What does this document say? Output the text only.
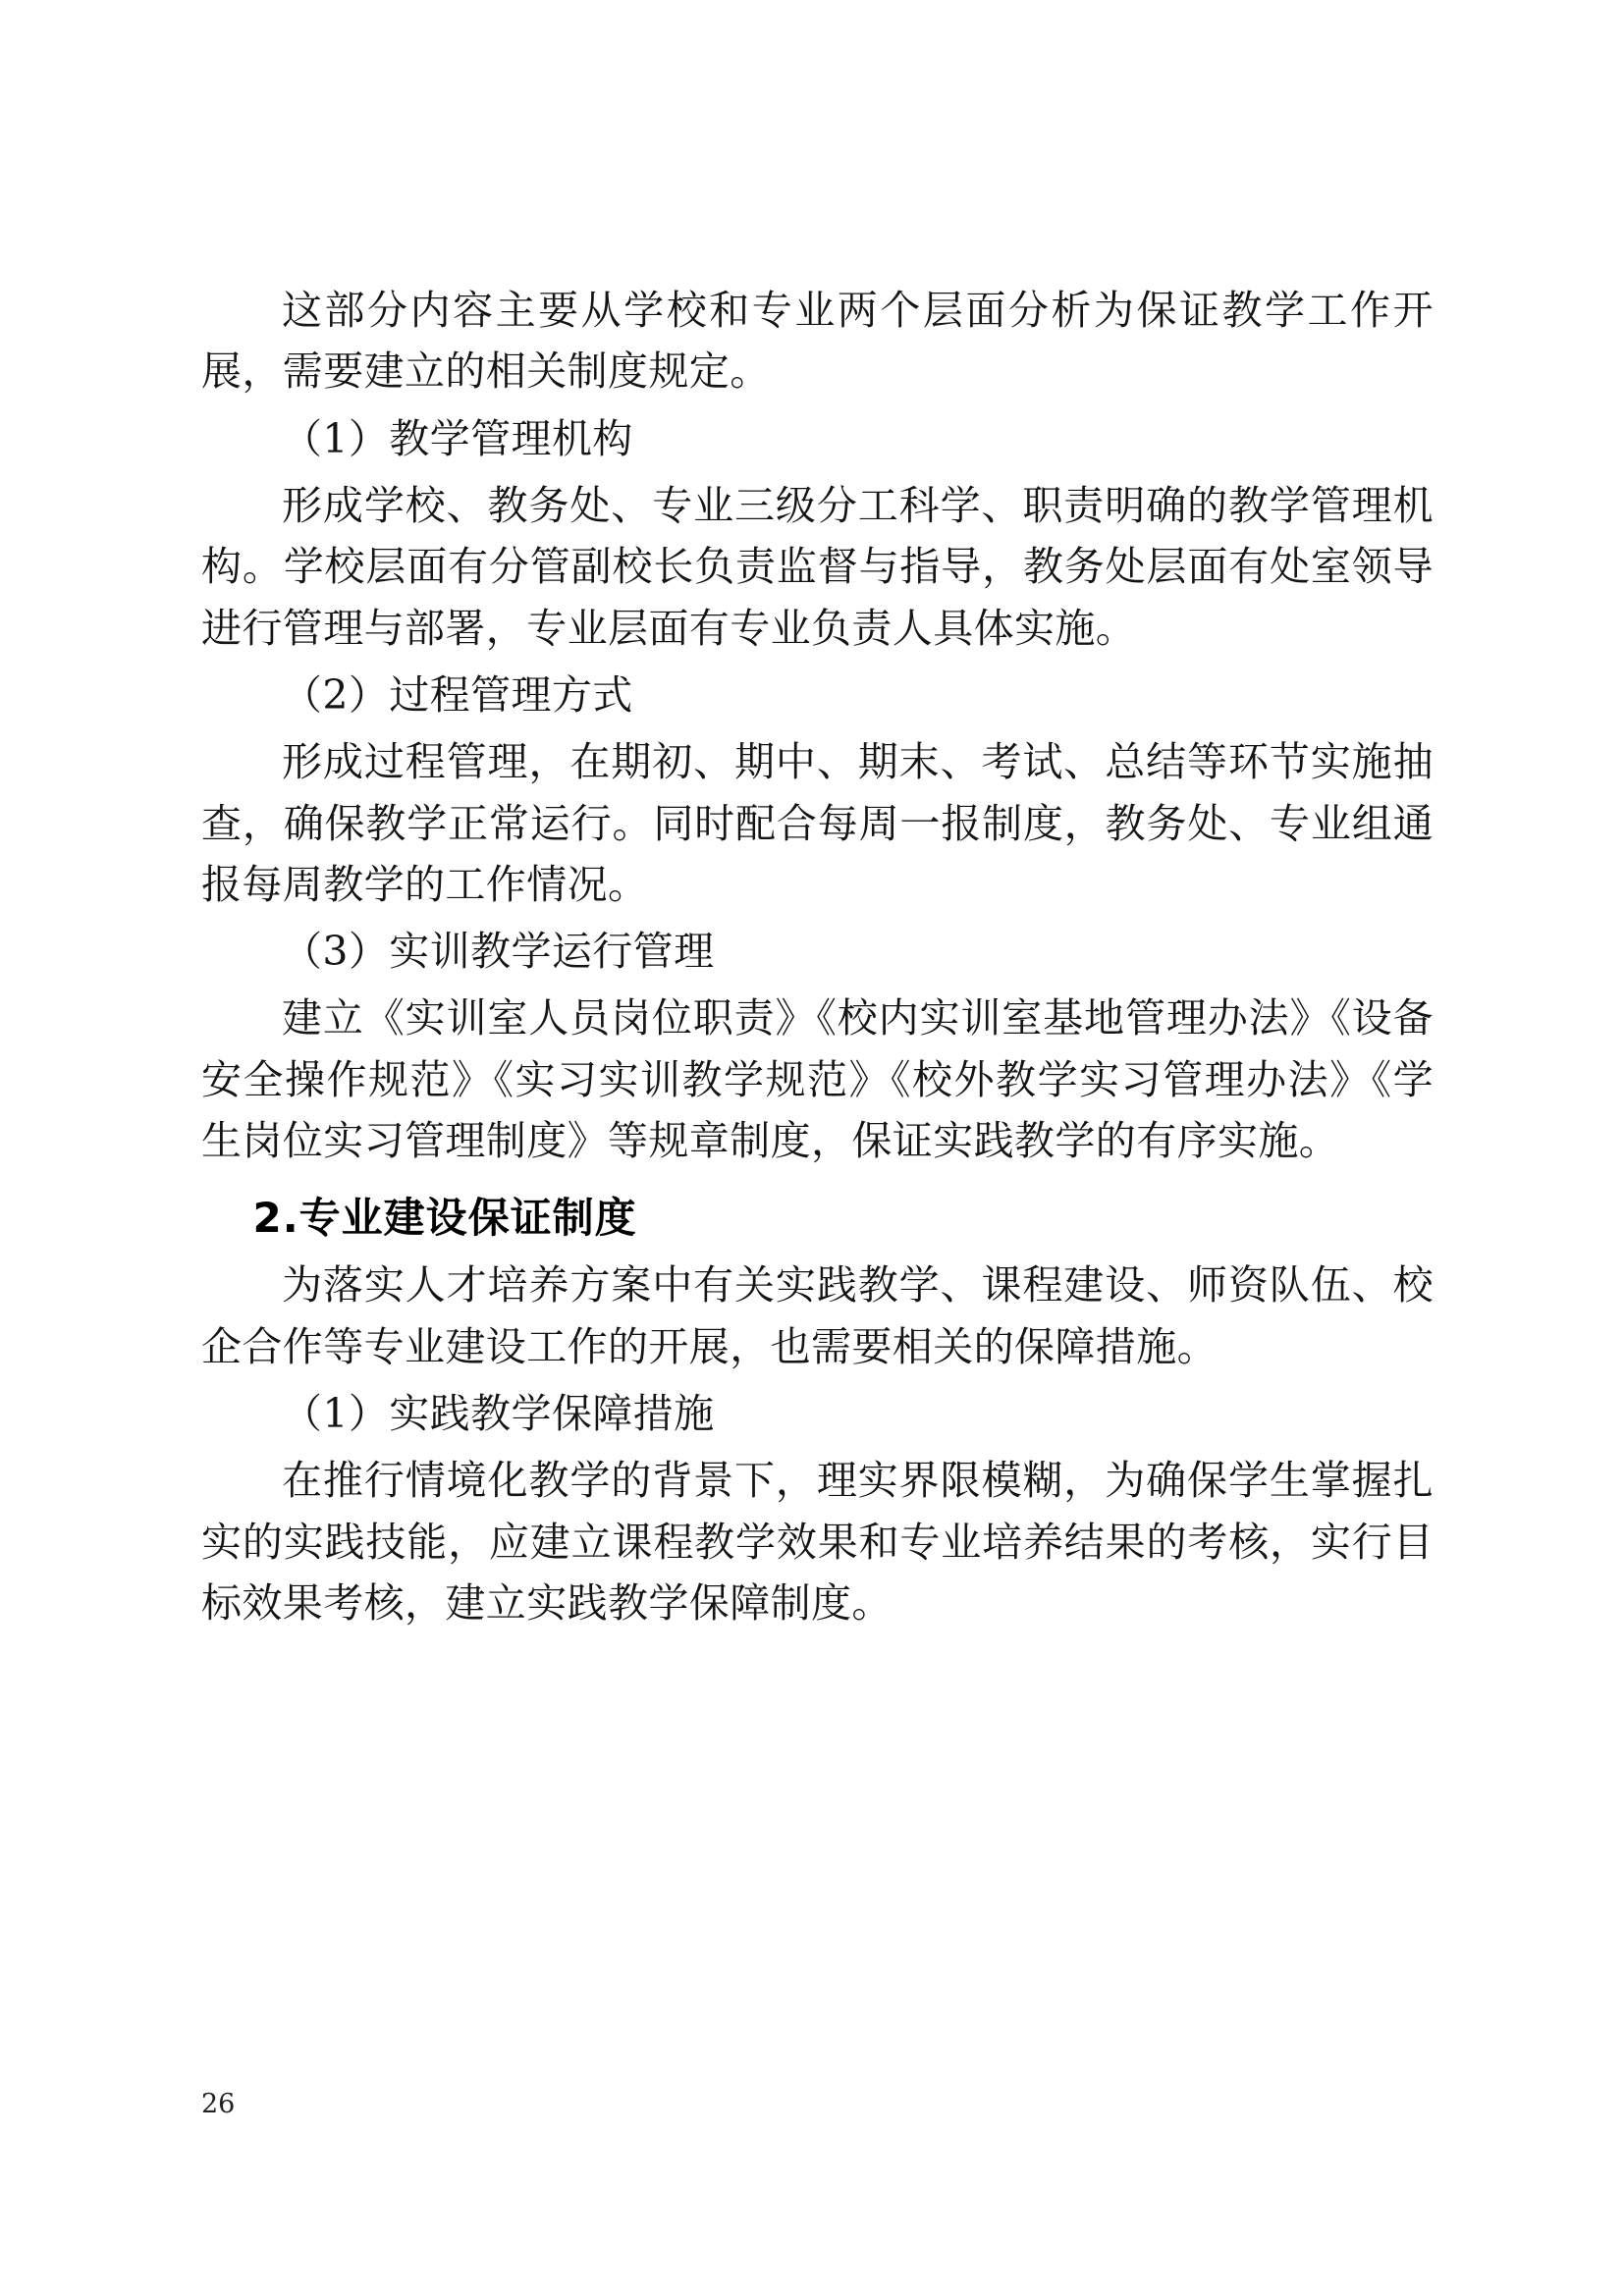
这部分内容主要从学校和专业两个层面分析为保证教学工作开展，需要建立的相关制度规定。

（1）教学管理机构

形成学校、教务处、专业三级分工科学、职责明确的教学管理机构。学校层面有分管副校长负责监督与指导，教务处层面有处室领导进行管理与部署，专业层面有专业负责人具体实施。

（2）过程管理方式

形成过程管理，在期初、期中、期末、考试、总结等环节实施抽查，确保教学正常运行。同时配合每周一报制度，教务处、专业组通报每周教学的工作情况。

（3）实训教学运行管理

建立《实训室人员岗位职责》《校内实训室基地管理办法》《设备安全操作规范》《实习实训教学规范》《校外教学实习管理办法》《学生岗位实习管理制度》等规章制度，保证实践教学的有序实施。

2.专业建设保证制度

为落实人才培养方案中有关实践教学、课程建设、师资队伍、校企合作等专业建设工作的开展，也需要相关的保障措施。

（1）实践教学保障措施

在推行情境化教学的背景下，理实界限模糊，为确保学生掌握扎实的实践技能，应建立课程教学效果和专业培养结果的考核，实行目标效果考核，建立实践教学保障制度。

26
